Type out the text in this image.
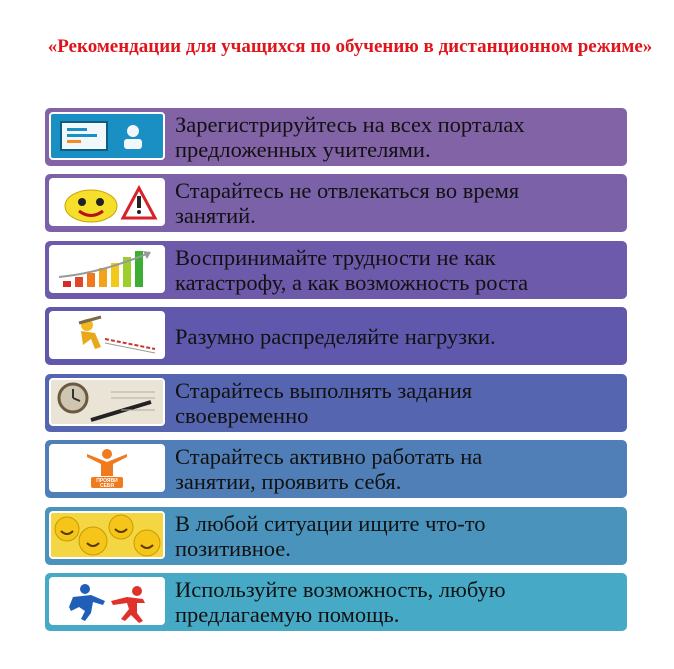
«Рекомендации для учащихся по обучению в дистанционном режиме»
Зарегистрируйтесь на всех порталах
предложенных учителями.
Старайтесь не отвлекаться во время
занятий.
Воспринимайте трудности не как
катастрофу, а как возможность роста
Разумно распределяйте нагрузки.
Старайтесь выполнять задания
своевременно
ПРОЯВИ СЕБЯ
Старайтесь активно работать на
занятии, проявить себя.
В любой ситуации ищите что-то
позитивное.
Используйте возможность, любую
предлагаемую помощь.
